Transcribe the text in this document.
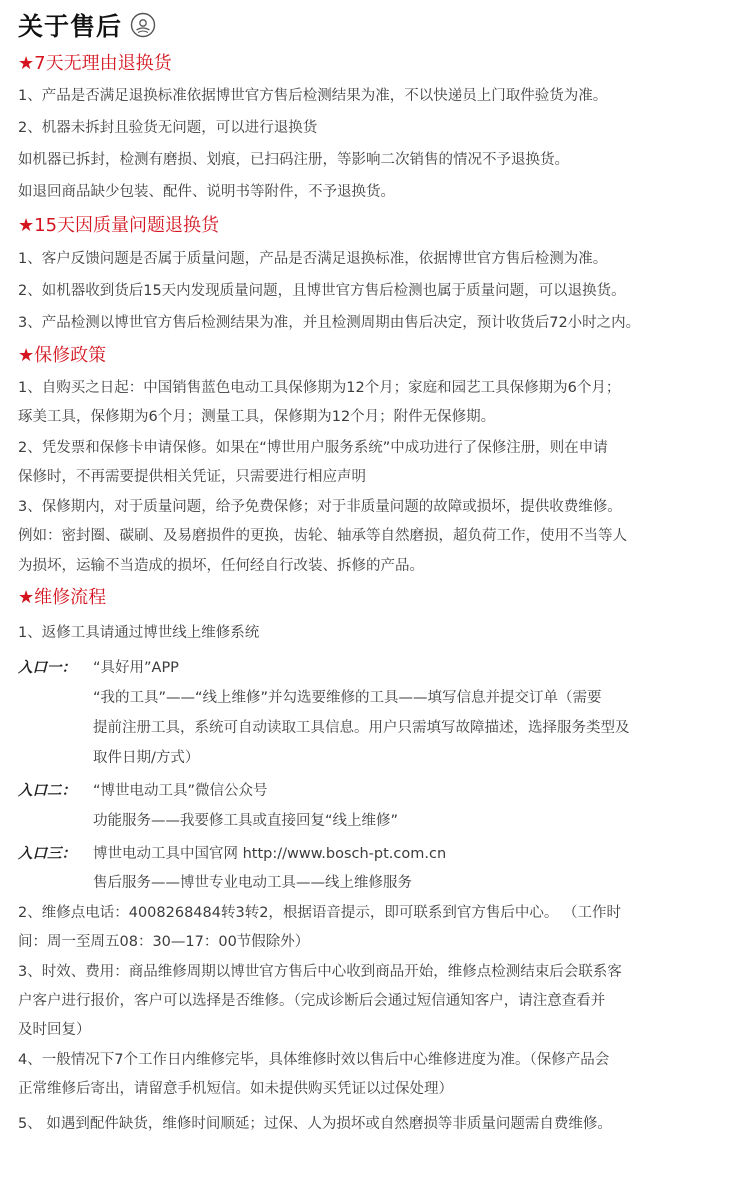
关于售后
★7天无理由退换货
1、产品是否满足退换标准依据博世官方售后检测结果为准，不以快递员上门取件验货为准。
2、机器未拆封且验货无问题，可以进行退换货
如机器已拆封，检测有磨损、划痕，已扫码注册，等影响二次销售的情况不予退换货。
如退回商品缺少包装、配件、说明书等附件，不予退换货。
★15天因质量问题退换货
1、客户反馈问题是否属于质量问题，产品是否满足退换标准，依据博世官方售后检测为准。
2、如机器收到货后15天内发现质量问题，且博世官方售后检测也属于质量问题，可以退换货。
3、产品检测以博世官方售后检测结果为准，并且检测周期由售后决定，预计收货后72小时之内。
★保修政策
1、自购买之日起：中国销售蓝色电动工具保修期为12个月；家庭和园艺工具保修期为6个月；
琢美工具，保修期为6个月；测量工具，保修期为12个月；附件无保修期。
2、凭发票和保修卡申请保修。如果在“博世用户服务系统”中成功进行了保修注册，则在申请
保修时，不再需要提供相关凭证，只需要进行相应声明
3、保修期内，对于质量问题，给予免费保修；对于非质量问题的故障或损坏，提供收费维修。
例如：密封圈、碳刷、及易磨损件的更换，齿轮、轴承等自然磨损，超负荷工作，使用不当等人
为损坏，运输不当造成的损坏，任何经自行改装、拆修的产品。
★维修流程
1、返修工具请通过博世线上维修系统
入口一： “具好用”APP
“我的工具”——“线上维修”并勾选要维修的工具——填写信息并提交订单（需要
提前注册工具，系统可自动读取工具信息。用户只需填写故障描述，选择服务类型及
取件日期/方式）
入口二： “博世电动工具”微信公众号
功能服务——我要修工具或直接回复“线上维修”
入口三： 博世电动工具中国官网 http://www.bosch-pt.com.cn
售后服务——博世专业电动工具——线上维修服务
2、维修点电话：4008268484转3转2，根据语音提示，即可联系到官方售后中心。 （工作时
间：周一至周五08：30—17：00节假除外）
3、时效、费用：商品维修周期以博世官方售后中心收到商品开始，维修点检测结束后会联系客
户客户进行报价，客户可以选择是否维修。（完成诊断后会通过短信通知客户，请注意查看并
及时回复）
4、一般情况下7个工作日内维修完毕，具体维修时效以售后中心维修进度为准。（保修产品会
正常维修后寄出，请留意手机短信。如未提供购买凭证以过保处理）
5、 如遇到配件缺货，维修时间顺延；过保、人为损坏或自然磨损等非质量问题需自费维修。
